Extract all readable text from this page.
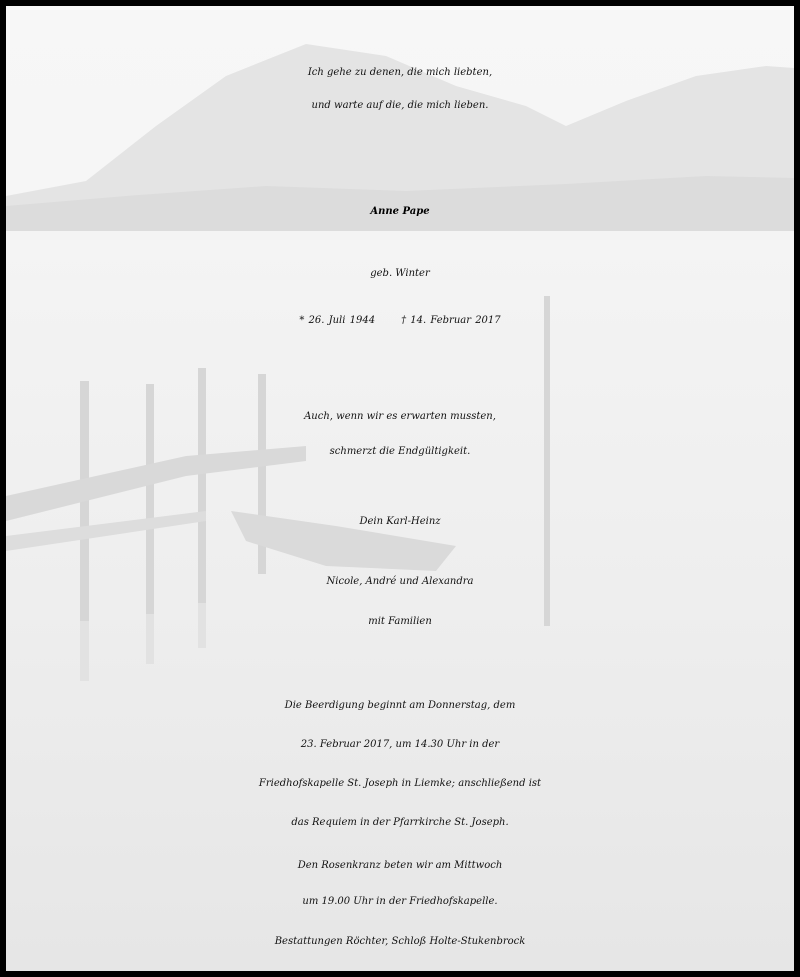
Ich gehe zu denen, die mich liebten,
und warte auf die, die mich lieben.
Anne Pape
geb. Winter
* 26. Juli 1944	† 14. Februar 2017
Auch, wenn wir es erwarten mussten,
schmerzt die Endgültigkeit.
Dein Karl-Heinz
Nicole, André und Alexandra
mit Familien
Die Beerdigung beginnt am Donnerstag, dem
23. Februar 2017, um 14.30 Uhr in der
Friedhofskapelle St. Joseph in Liemke; anschließend ist
das Requiem in der Pfarrkirche St. Joseph.
Den Rosenkranz beten wir am Mittwoch
um 19.00 Uhr in der Friedhofskapelle.
Bestattungen Röchter, Schloß Holte-Stukenbrock
